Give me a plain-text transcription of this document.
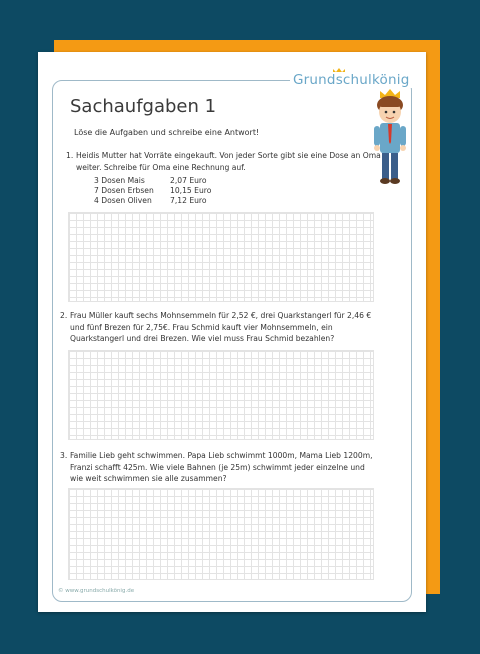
Grundschulkönig
Sachaufgaben 1
Löse die Aufgaben und schreibe eine Antwort!
1. Heidis Mutter hat Vorräte eingekauft. Von jeder Sorte gibt sie eine Dose an Oma weiter. Schreibe für Oma eine Rechnung auf.
3 Dosen Mais	2,07 Euro
7 Dosen Erbsen	10,15 Euro
4 Dosen Oliven	7,12 Euro
2. Frau Müller kauft sechs Mohnsemmeln für 2,52 €, drei Quarkstangerl für 2,46 € und fünf Brezen für 2,75€. Frau Schmid kauft vier Mohnsemmeln, ein Quarkstangerl und drei Brezen. Wie viel muss Frau Schmid bezahlen?
3. Familie Lieb geht schwimmen. Papa Lieb schwimmt 1000m, Mama Lieb 1200m, Franzi schafft 425m. Wie viele Bahnen (je 25m) schwimmt jeder einzelne und wie weit schwimmen sie alle zusammen?
© www.grundschulkönig.de
